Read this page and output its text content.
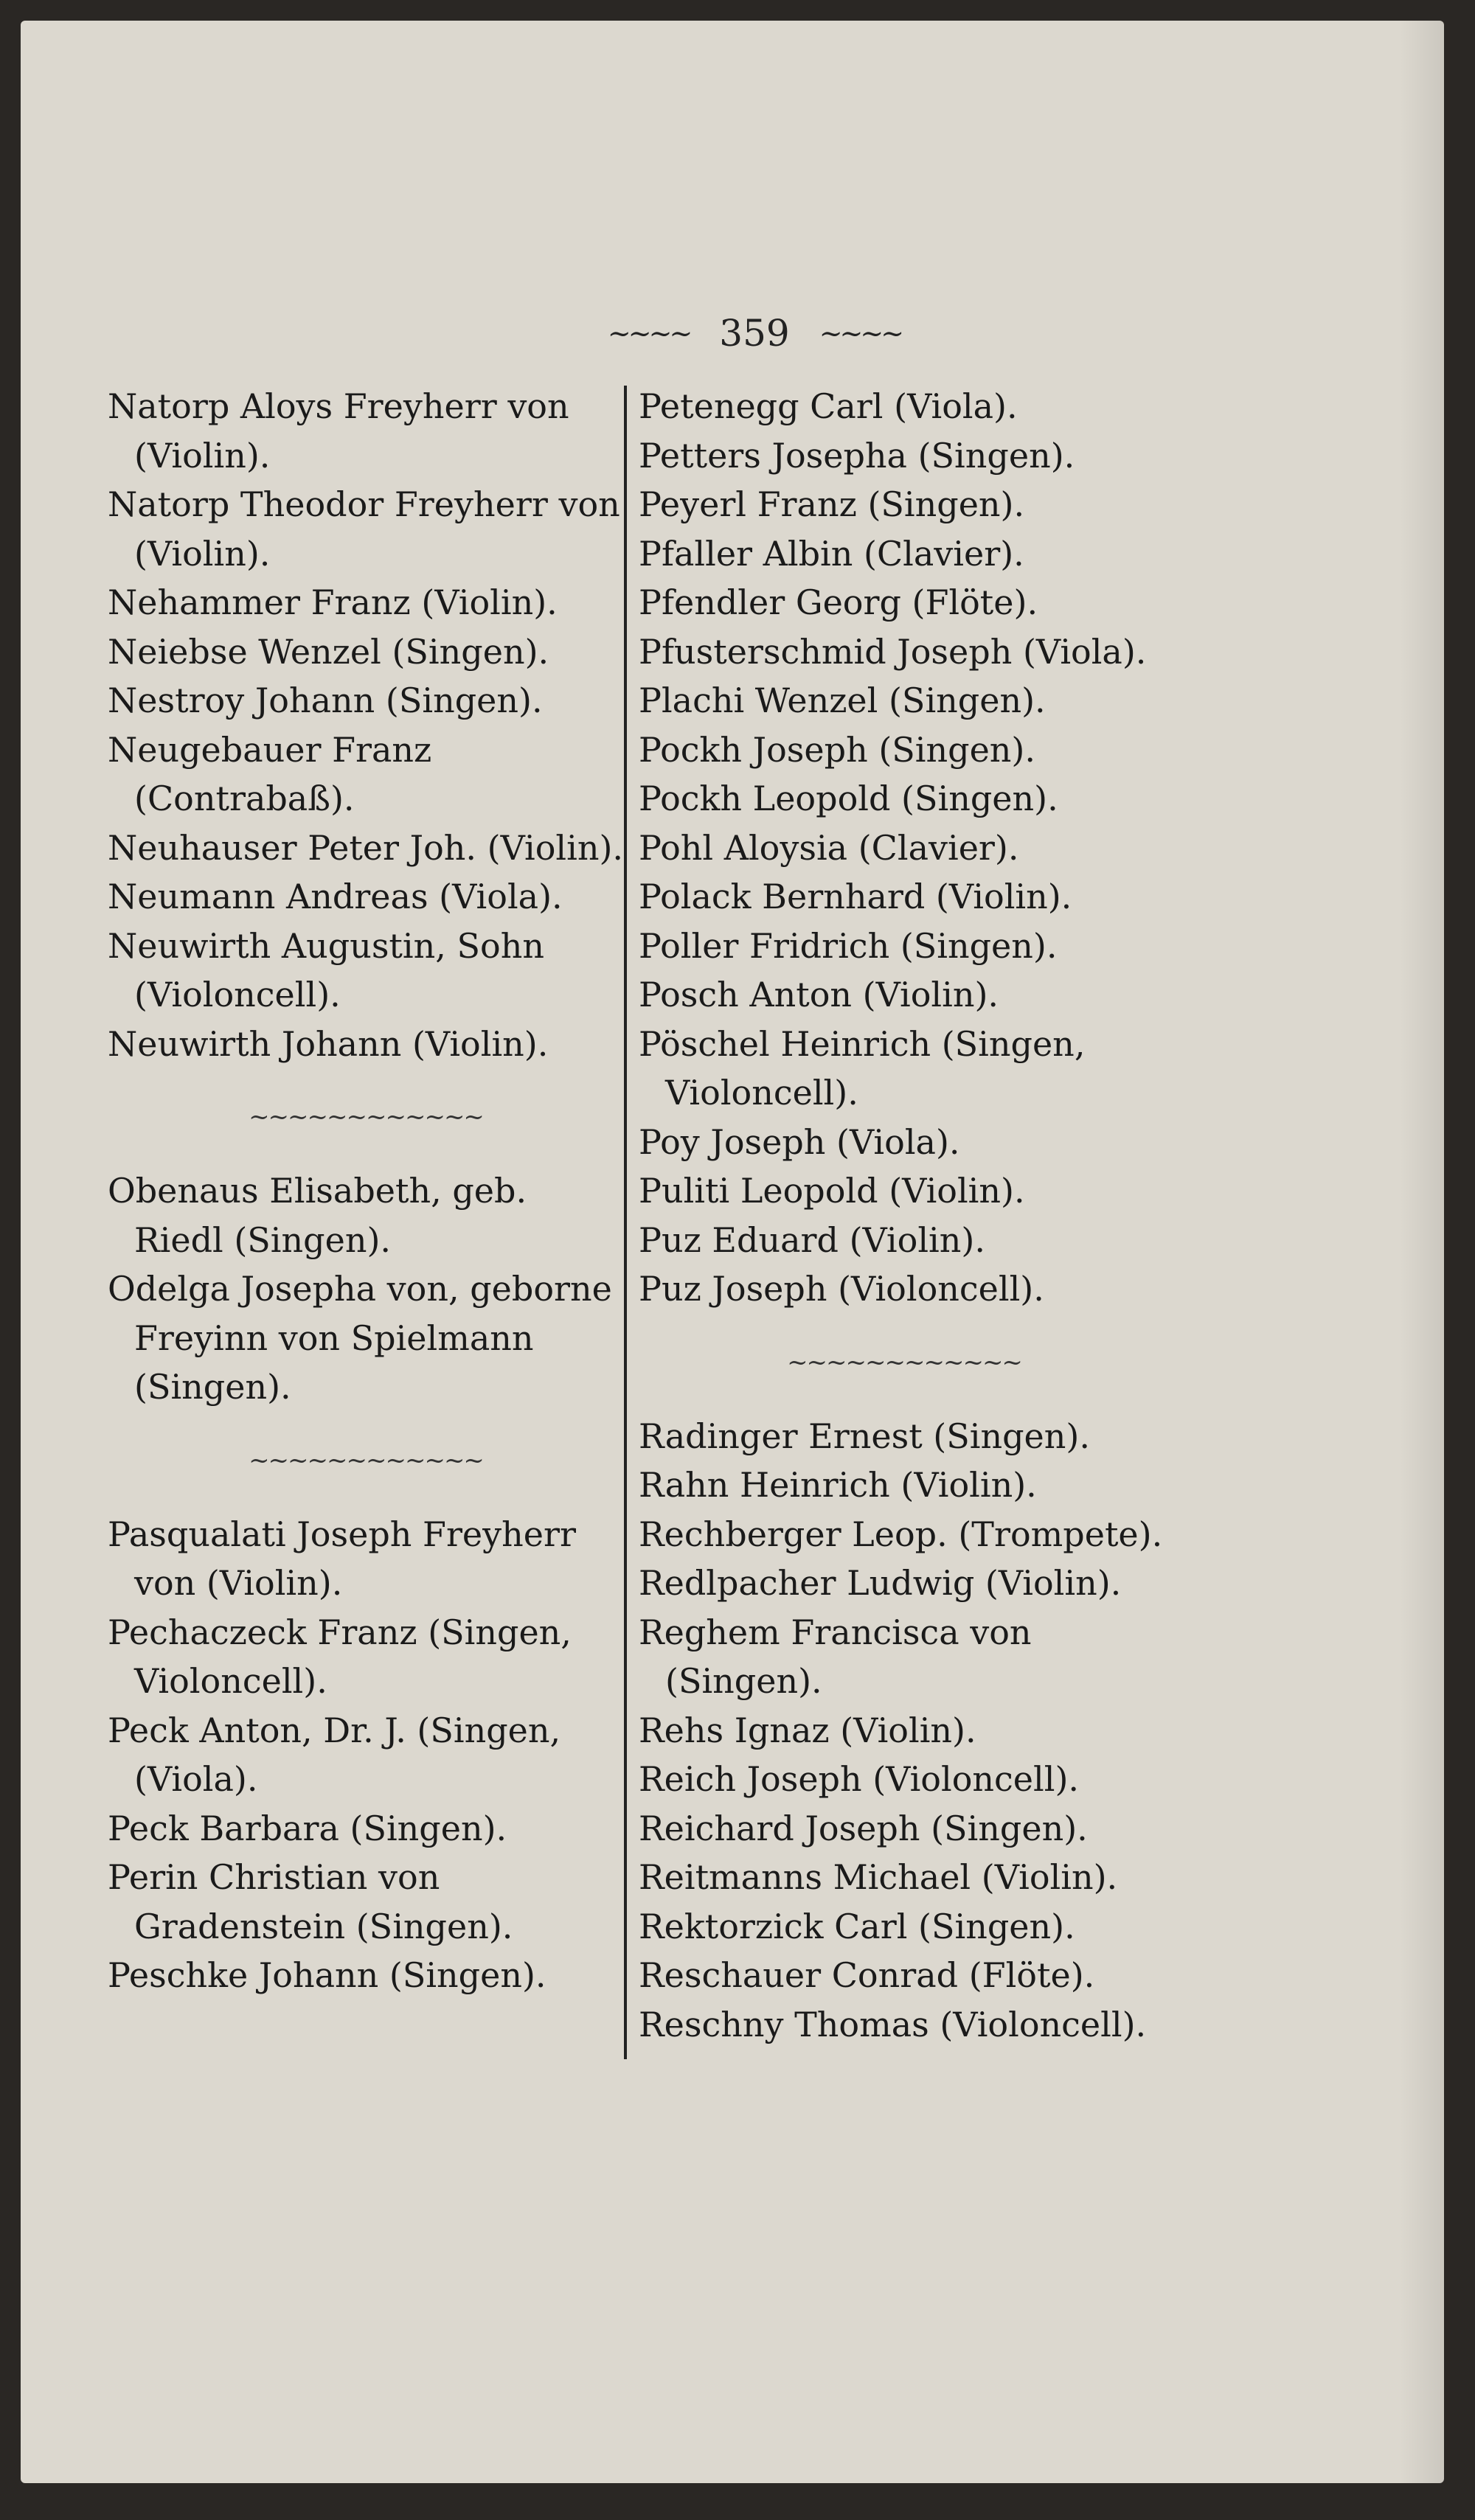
~~~~ 359 ~~~~
Natorp Aloys Freyherr von (Violin).
Natorp Theodor Freyherr von (Violin).
Nehammer Franz (Violin).
Neiebse Wenzel (Singen).
Nestroy Johann (Singen).
Neugebauer Franz (Contrabaß).
Neuhauser Peter Joh. (Violin).
Neumann Andreas (Viola).
Neuwirth Augustin, Sohn (Violoncell).
Neuwirth Johann (Violin).
~~~~~~~~~~~~
Obenaus Elisabeth, geb. Riedl (Singen).
Odelga Josepha von, geborne Freyinn von Spielmann (Singen).
~~~~~~~~~~~~
Pasqualati Joseph Freyherr von (Violin).
Pechaczeck Franz (Singen, Violoncell).
Peck Anton, Dr. J. (Singen, (Viola).
Peck Barbara (Singen).
Perin Christian von Gradenstein (Singen).
Peschke Johann (Singen).
Petenegg Carl (Viola).
Petters Josepha (Singen).
Peyerl Franz (Singen).
Pfaller Albin (Clavier).
Pfendler Georg (Flöte).
Pfusterschmid Joseph (Viola).
Plachi Wenzel (Singen).
Pockh Joseph (Singen).
Pockh Leopold (Singen).
Pohl Aloysia (Clavier).
Polack Bernhard (Violin).
Poller Fridrich (Singen).
Posch Anton (Violin).
Pöschel Heinrich (Singen, Violoncell).
Poy Joseph (Viola).
Puliti Leopold (Violin).
Puz Eduard (Violin).
Puz Joseph (Violoncell).
~~~~~~~~~~~~
Radinger Ernest (Singen).
Rahn Heinrich (Violin).
Rechberger Leop. (Trompete).
Redlpacher Ludwig (Violin).
Reghem Francisca von (Singen).
Rehs Ignaz (Violin).
Reich Joseph (Violoncell).
Reichard Joseph (Singen).
Reitmanns Michael (Violin).
Rektorzick Carl (Singen).
Reschauer Conrad (Flöte).
Reschny Thomas (Violoncell).
